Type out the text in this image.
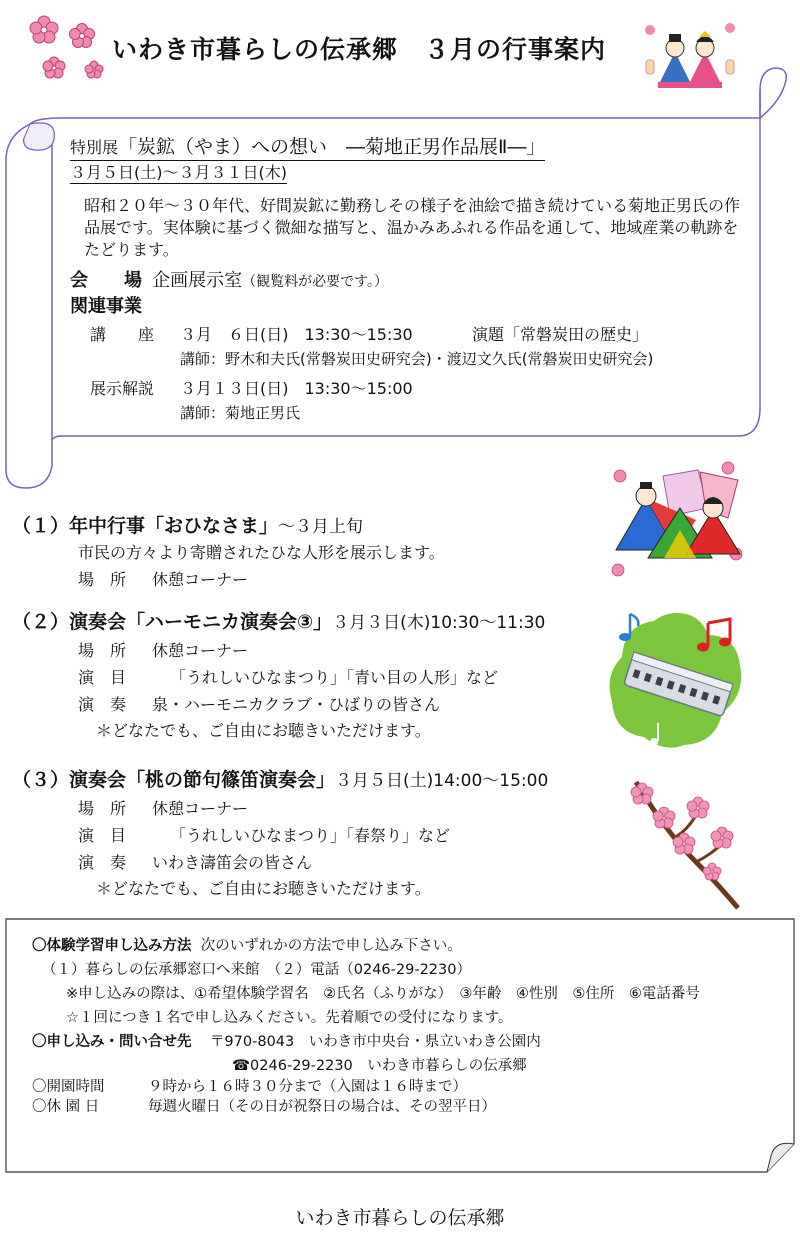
いわき市暮らしの伝承郷　３月の行事案内
特別展「炭鉱（やま）への想い　―菊地正男作品展Ⅱ―」
３月５日(土)～３月３１日(木)
昭和２０年～３０年代、好間炭鉱に勤務しその様子を油絵で描き続けている菊地正男氏の作品展です。実体験に基づく微細な描写と、温かみあふれる作品を通して、地域産業の軌跡をたどります。
会　　場 企画展示室（観覧料が必要です。）
関連事業
講　　座 ３月　６日(日)　13:30～15:30	演題「常磐炭田の歴史」
講師：野木和夫氏(常磐炭田史研究会)・渡辺文久氏(常磐炭田史研究会)
展示解説 ３月１３日(日)　13:30～15:00
講師：菊地正男氏
（１）年中行事「おひなさま」～３月上旬
市民の方々より寄贈されたひな人形を展示します。
場　所 休憩コーナー
（２）演奏会「ハーモニカ演奏会③」３月３日(木)10:30～11:30
場　所 休憩コーナー
演　目	「うれしいひなまつり」「青い目の人形」など
演　奏 泉・ハーモニカクラブ・ひばりの皆さん
＊どなたでも、ご自由にお聴きいただけます。
（３）演奏会「桃の節句篠笛演奏会」３月５日(土)14:00～15:00
場　所 休憩コーナー
演　目	「うれしいひなまつり」「春祭り」など
演　奏 いわき濤笛会の皆さん
＊どなたでも、ご自由にお聴きいただけます。
〇体験学習申し込み方法 次のいずれかの方法で申し込み下さい。
（１）暮らしの伝承郷窓口へ来館　（２）電話（0246-29-2230）
※申し込みの際は、①希望体験学習名　②氏名（ふりがな）　③年齢　④性別　⑤住所　⑥電話番号
☆１回につき１名で申し込みください。先着順での受付になります。
〇申し込み・問い合せ先 〒970-8043　いわき市中央台・県立いわき公園内
☎0246-29-2230　いわき市暮らしの伝承郷
〇開園時間	９時から１６時３０分まで（入園は１６時まで）
〇休 園 日	毎週火曜日（その日が祝祭日の場合は、その翌平日）
いわき市暮らしの伝承郷
